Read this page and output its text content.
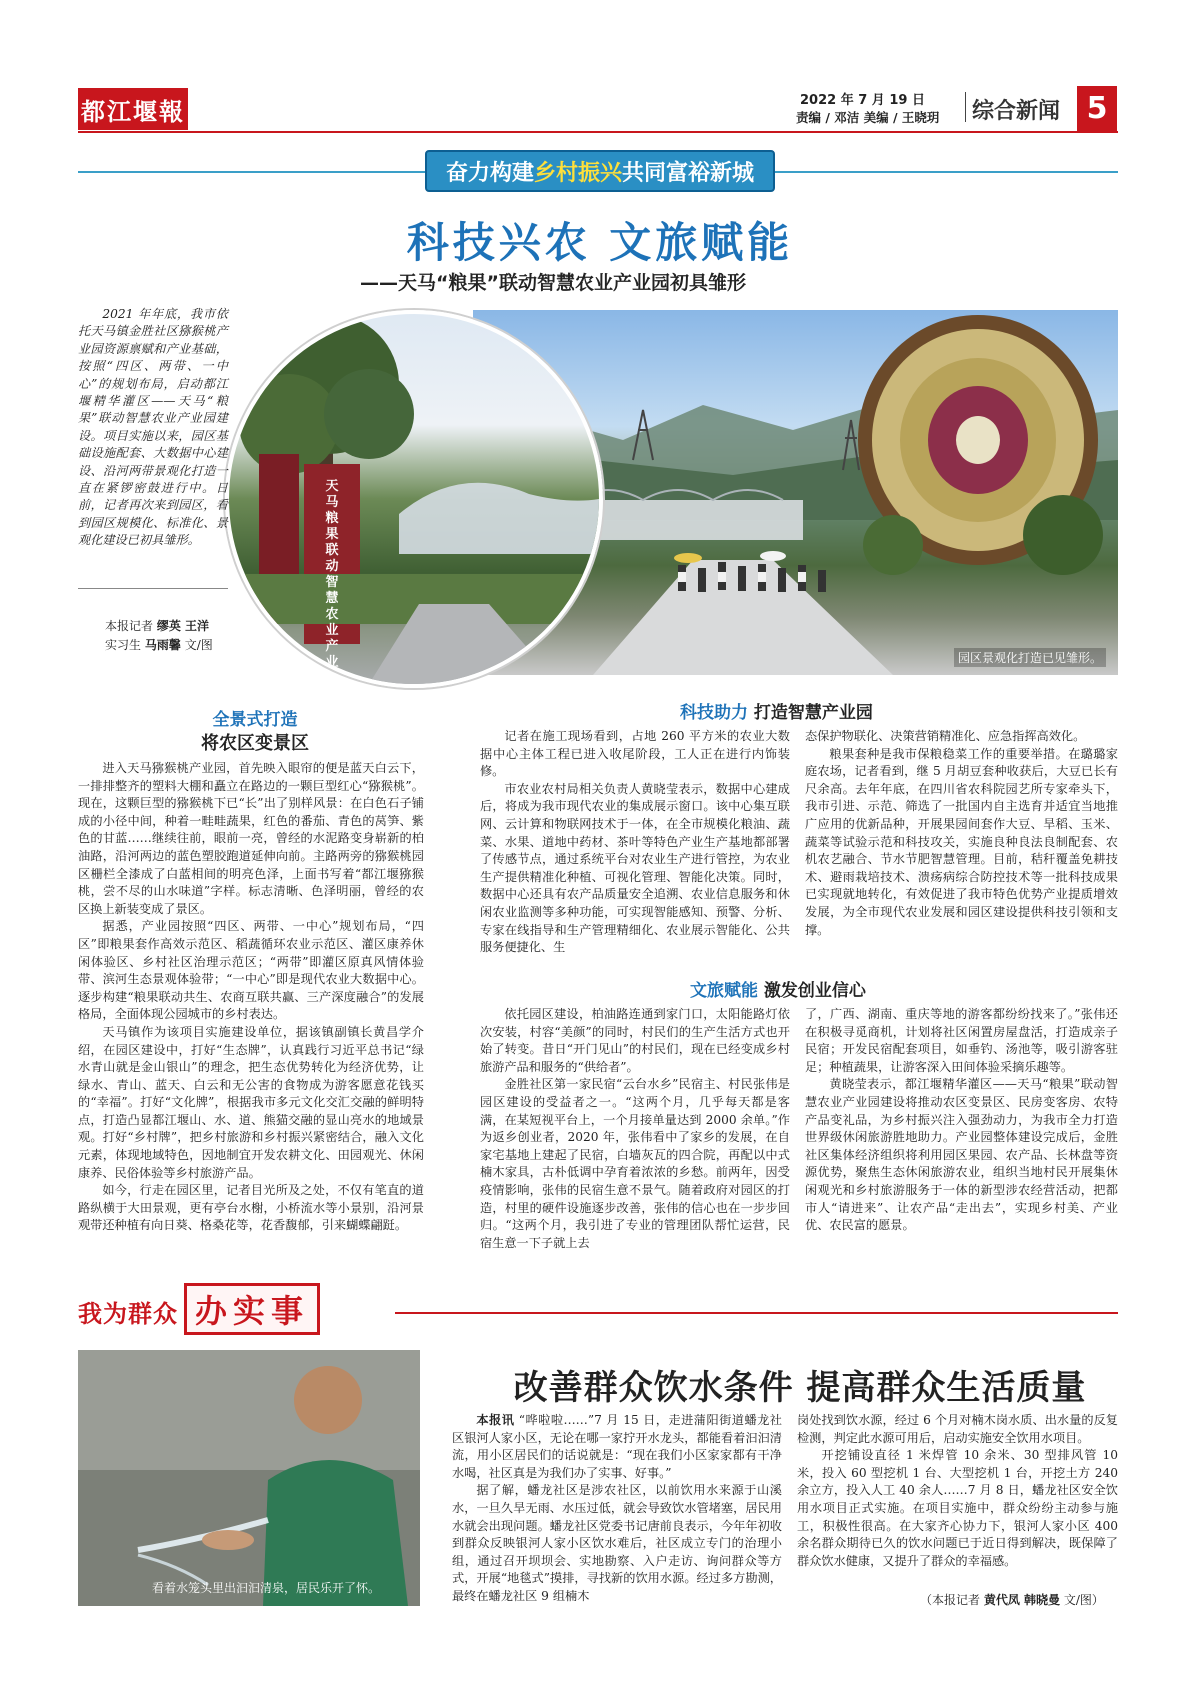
都江堰報	2022 年 7 月 19 日
责编 / 邓洁 美编 / 王晓玥 综合新闻 5
奋力构建 乡村振兴 共同富裕新城
科技兴农 文旅赋能
——天马“粮果”联动智慧农业产业园初具雏形
园区景观化打造已见雏形。
天马粮果联动智慧农业产业园

2021 年年底，我市依托天马镇金胜社区猕猴桃产业园资源禀赋和产业基础，按照“四区、两带、一中心”的规划布局，启动都江堰精华灌区——天马“粮果”联动智慧农业产业园建设。项目实施以来，园区基础设施配套、大数据中心建设、沿河两带景观化打造一直在紧锣密鼓进行中。日前，记者再次来到园区，看到园区规模化、标准化、景观化建设已初具雏形。

本报记者 缪英 王洋
实习生 马雨馨 文/图
全景式打造
将农区变景区
科技助力 打造智慧产业园
文旅赋能 激发创业信心

进入天马猕猴桃产业园，首先映入眼帘的便是蓝天白云下，一排排整齐的塑料大棚和矗立在路边的一颗巨型红心“猕猴桃”。现在，这颗巨型的猕猴桃下已“长”出了别样风景：在白色石子铺成的小径中间，种着一畦畦蔬果，红色的番茄、青色的莴笋、紫色的甘蓝……继续往前，眼前一亮，曾经的水泥路变身崭新的柏油路，沿河两边的蓝色塑胶跑道延伸向前。主路两旁的猕猴桃园区栅栏全漆成了白蓝相间的明亮色泽，上面书写着“都江堰猕猴桃，尝不尽的山水味道”字样。标志清晰、色泽明丽，曾经的农区换上新装变成了景区。

据悉，产业园按照“四区、两带、一中心”规划布局，“四区”即粮果套作高效示范区、稻蔬循环农业示范区、灌区康养休闲体验区、乡村社区治理示范区；“两带”即灌区原真风情体验带、滨河生态景观体验带；“一中心”即是现代农业大数据中心。逐步构建“粮果联动共生、农商互联共赢、三产深度融合”的发展格局，全面体现公园城市的乡村表达。

天马镇作为该项目实施建设单位，据该镇副镇长黄昌学介绍，在园区建设中，打好“生态牌”，认真践行习近平总书记“绿水青山就是金山银山”的理念，把生态优势转化为经济优势，让绿水、青山、蓝天、白云和无公害的食物成为游客愿意花钱买的“幸福”。打好“文化牌”，根据我市多元文化交汇交融的鲜明特点，打造凸显都江堰山、水、道、熊猫交融的显山亮水的地域景观。打好“乡村牌”，把乡村旅游和乡村振兴紧密结合，融入文化元素，体现地域特色，因地制宜开发农耕文化、田园观光、休闲康养、民俗体验等乡村旅游产品。

如今，行走在园区里，记者目光所及之处，不仅有笔直的道路纵横于大田景观，更有亭台水榭，小桥流水等小景别，沿河景观带还种植有向日葵、格桑花等，花香馥郁，引来蝴蝶翩跹。

记者在施工现场看到，占地 260 平方米的农业大数据中心主体工程已进入收尾阶段，工人正在进行内饰装修。

市农业农村局相关负责人黄晓莹表示，数据中心建成后，将成为我市现代农业的集成展示窗口。该中心集互联网、云计算和物联网技术于一体，在全市规模化粮油、蔬菜、水果、道地中药材、茶叶等特色产业生产基地都部署了传感节点，通过系统平台对农业生产进行管控，为农业生产提供精准化种植、可视化管理、智能化决策。同时，数据中心还具有农产品质量安全追溯、农业信息服务和休闲农业监测等多种功能，可实现智能感知、预警、分析、专家在线指导和生产管理精细化、农业展示智能化、公共服务便捷化、生

态保护物联化、决策营销精准化、应急指挥高效化。

粮果套种是我市保粮稳菜工作的重要举措。在璐璐家庭农场，记者看到，继 5 月胡豆套种收获后，大豆已长有尺余高。去年年底，在四川省农科院园艺所专家牵头下，我市引进、示范、筛选了一批国内自主选育并适宜当地推广应用的优新品种，开展果园间套作大豆、旱稻、玉米、蔬菜等试验示范和科技攻关，实施良种良法良制配套、农机农艺融合、节水节肥智慧管理。目前，秸秆覆盖免耕技术、避雨栽培技术、溃疡病综合防控技术等一批科技成果已实现就地转化，有效促进了我市特色优势产业提质增效发展，为全市现代农业发展和园区建设提供科技引领和支撑。

依托园区建设，柏油路连通到家门口，太阳能路灯依次安装，村容“美颜”的同时，村民们的生产生活方式也开始了转变。昔日“开门见山”的村民们，现在已经变成乡村旅游产品和服务的“供给者”。

金胜社区第一家民宿“云台水乡”民宿主、村民张伟是园区建设的受益者之一。“这两个月，几乎每天都是客满，在某短视平台上，一个月接单量达到 2000 余单。”作为返乡创业者，2020 年，张伟看中了家乡的发展，在自家宅基地上建起了民宿，白墙灰瓦的四合院，再配以中式楠木家具，古朴低调中孕育着浓浓的乡愁。前两年，因受疫情影响，张伟的民宿生意不景气。随着政府对园区的打造，村里的硬件设施逐步改善，张伟的信心也在一步步回归。“这两个月，我引进了专业的管理团队帮忙运营，民宿生意一下子就上去

了，广西、湖南、重庆等地的游客都纷纷找来了。”张伟还在积极寻觅商机，计划将社区闲置房屋盘活，打造成亲子民宿；开发民宿配套项目，如垂钓、汤池等，吸引游客驻足；种植蔬果，让游客深入田间体验采摘乐趣等。

黄晓莹表示，都江堰精华灌区——天马“粮果”联动智慧农业产业园建设将推动农区变景区、民房变客房、农特产品变礼品，为乡村振兴注入强劲动力，为我市全力打造世界级休闲旅游胜地助力。产业园整体建设完成后，金胜社区集体经济组织将利用园区果园、农产品、长林盘等资源优势，聚焦生态休闲旅游农业，组织当地村民开展集休闲观光和乡村旅游服务于一体的新型涉农经营活动，把都市人“请进来”、让农产品“走出去”，实现乡村美、产业优、农民富的愿景。

我为群众 办实事
看着水笼头里出汩汩清泉，居民乐开了怀。
改善群众饮水条件 提高群众生活质量

本报讯 “哗啦啦……”7 月 15 日，走进蒲阳街道蟠龙社区银河人家小区，无论在哪一家拧开水龙头，都能看着汩汩清流，用小区居民们的话说就是：“现在我们小区家家都有干净水喝，社区真是为我们办了实事、好事。”

据了解，蟠龙社区是涉农社区，以前饮用水来源于山溪水，一旦久旱无雨、水压过低，就会导致饮水管堵塞，居民用水就会出现问题。蟠龙社区党委书记唐前良表示，今年年初收到群众反映银河人家小区饮水难后，社区成立专门的治理小组，通过召开坝坝会、实地勘察、入户走访、询问群众等方式，开展“地毯式”摸排，寻找新的饮用水源。经过多方勘测，最终在蟠龙社区 9 组楠木

岗处找到饮水源，经过 6 个月对楠木岗水质、出水量的反复检测，判定此水源可用后，启动实施安全饮用水项目。

开挖铺设直径 1 米焊管 10 余米、30 型排风管 10 米，投入 60 型挖机 1 台、大型挖机 1 台，开挖土方 240 余立方，投入人工 40 余人……7 月 8 日，蟠龙社区安全饮用水项目正式实施。在项目实施中，群众纷纷主动参与施工，积极性很高。在大家齐心协力下，银河人家小区 400 余名群众期待已久的饮水问题已于近日得到解决，既保障了群众饮水健康，又提升了群众的幸福感。

（本报记者 黄代凤 韩晓曼 文/图）
